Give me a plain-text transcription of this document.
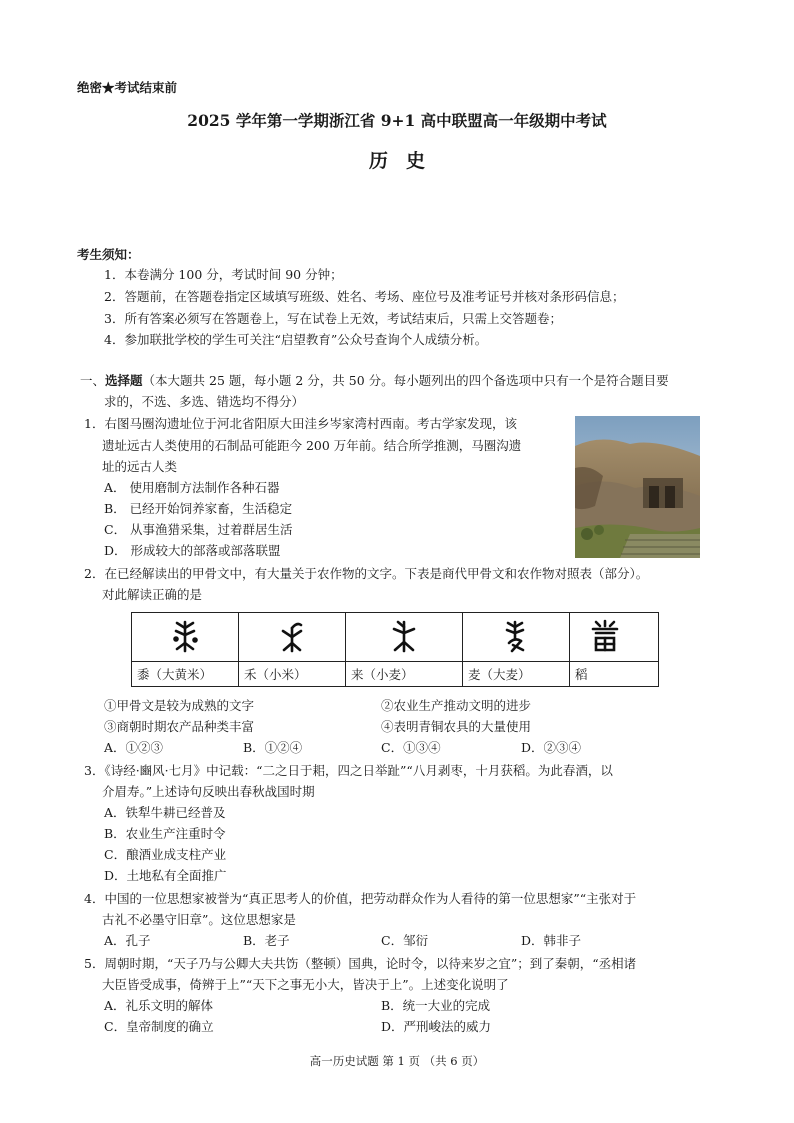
绝密★考试结束前
2025 学年第一学期浙江省 9+1 高中联盟高一年级期中考试
历史
考生须知：
1．本卷满分 100 分，考试时间 90 分钟；
2．答题前，在答题卷指定区域填写班级、姓名、考场、座位号及准考证号并核对条形码信息；
3．所有答案必须写在答题卷上，写在试卷上无效，考试结束后，只需上交答题卷；
4．参加联批学校的学生可关注“启望教育”公众号查询个人成绩分析。
一、选择题（本大题共 25 题，每小题 2 分，共 50 分。每小题列出的四个备选项中只有一个是符合题目要
求的，不选、多选、错选均不得分）
1．右图马圈沟遗址位于河北省阳原大田洼乡岑家湾村西南。考古学家发现，该
遗址远古人类使用的石制品可能距今 200 万年前。结合所学推测，马圈沟遗
址的远古人类
A． 使用磨制方法制作各种石器
B． 已经开始饲养家畜，生活稳定
C． 从事渔猎采集，过着群居生活
D． 形成较大的部落或部落联盟
2．在已经解读出的甲骨文中，有大量关于农作物的文字。下表是商代甲骨文和农作物对照表（部分）。
对此解读正确的是

黍（大黄米）	禾（小米）	来（小麦）	麦（大麦）	稻
①甲骨文是较为成熟的文字	②农业生产推动文明的进步
③商朝时期农产品种类丰富	④表明青铜农具的大量使用
A．①②③	B．①②④	C．①③④	D．②③④
3．《诗经·豳风·七月》中记载：“二之日于耜，四之日举趾”“八月剥枣，十月获稻。为此春酒，以
介眉寿。”上述诗句反映出春秋战国时期
A．铁犁牛耕已经普及
B．农业生产注重时令
C．酿酒业成支柱产业
D．土地私有全面推广
4．中国的一位思想家被誉为“真正思考人的价值，把劳动群众作为人看待的第一位思想家”“主张对于
古礼不必墨守旧章”。这位思想家是
A．孔子	B．老子	C．邹衍	D．韩非子
5．周朝时期，“天子乃与公卿大夫共饬（整顿）国典，论时令，以待来岁之宜”；到了秦朝，“丞相诸
大臣皆受成事，倚辨于上”“天下之事无小大，皆决于上”。上述变化说明了
A．礼乐文明的解体	B．统一大业的完成
C．皇帝制度的确立	D．严刑峻法的威力
高一历史试题 第 1 页 （共 6 页）
